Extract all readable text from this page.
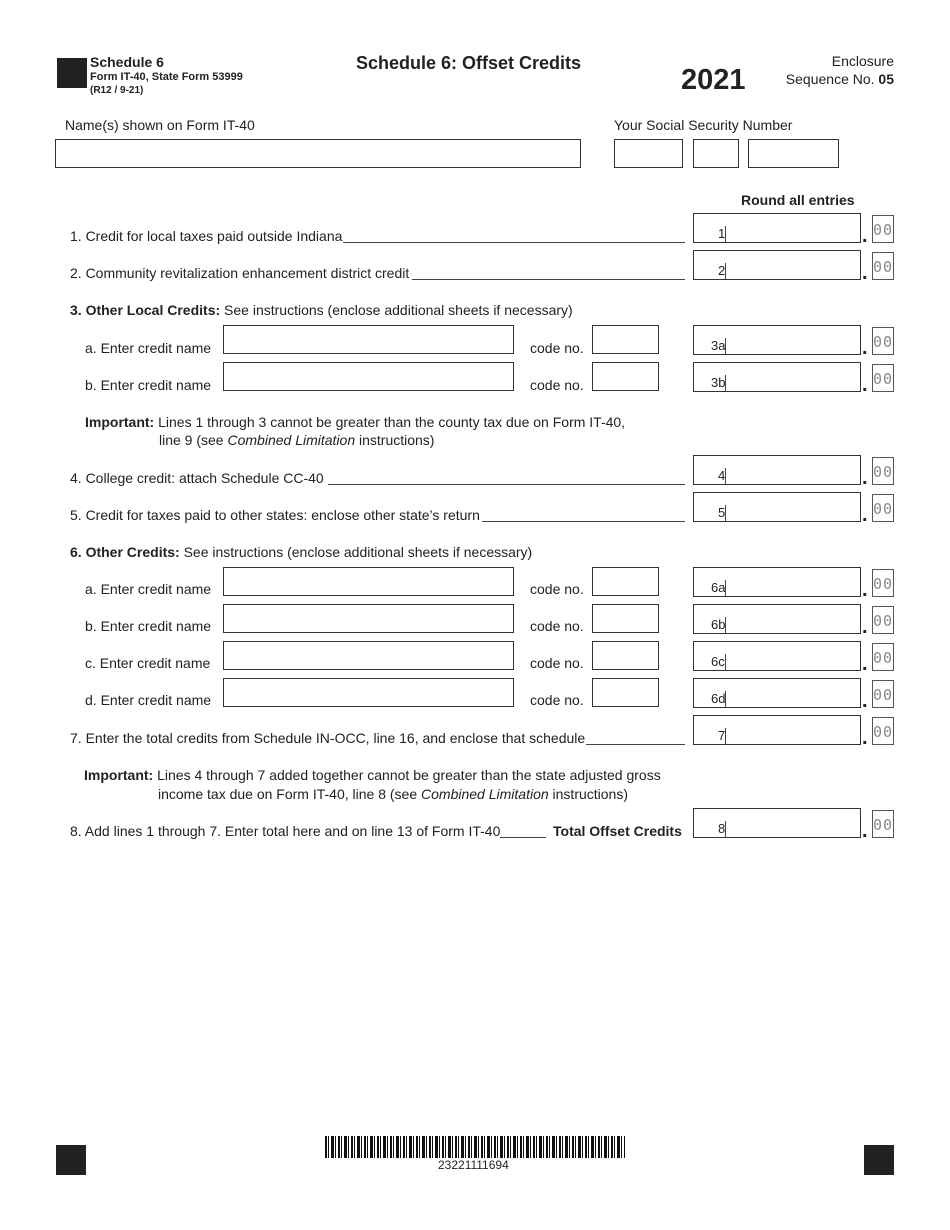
Schedule 6
Form IT-40, State Form 53999
(R12 / 9-21)
Schedule 6: Offset Credits
2021
Enclosure
Sequence No. 05
Name(s) shown on Form IT-40	Your Social Security Number
Round all entries
1. Credit for local taxes paid outside Indiana	1	. 00
2. Community revitalization enhancement district credit	2	. 00
3. Other Local Credits: See instructions (enclose additional sheets if necessary)
a. Enter credit name	code no.	3a	. 00
b. Enter credit name	code no.	3b	. 00
Important: Lines 1 through 3 cannot be greater than the county tax due on Form IT-40,
line 9 (see Combined Limitation instructions)
4. College credit: attach Schedule CC-40	4	. 00
5. Credit for taxes paid to other states: enclose other state’s return	5	. 00
6. Other Credits: See instructions (enclose additional sheets if necessary)
a. Enter credit name	code no.	6a	. 00
b. Enter credit name	code no.	6b	. 00
c. Enter credit name	code no.	6c	. 00
d. Enter credit name	code no.	6d	. 00
7. Enter the total credits from Schedule IN-OCC, line 16, and enclose that schedule	7	. 00
Important: Lines 4 through 7 added together cannot be greater than the state adjusted gross
income tax due on Form IT-40, line 8 (see Combined Limitation instructions)
8. Add lines 1 through 7. Enter total here and on line 13 of Form IT-40	Total Offset Credits	8	. 00
23221111694
